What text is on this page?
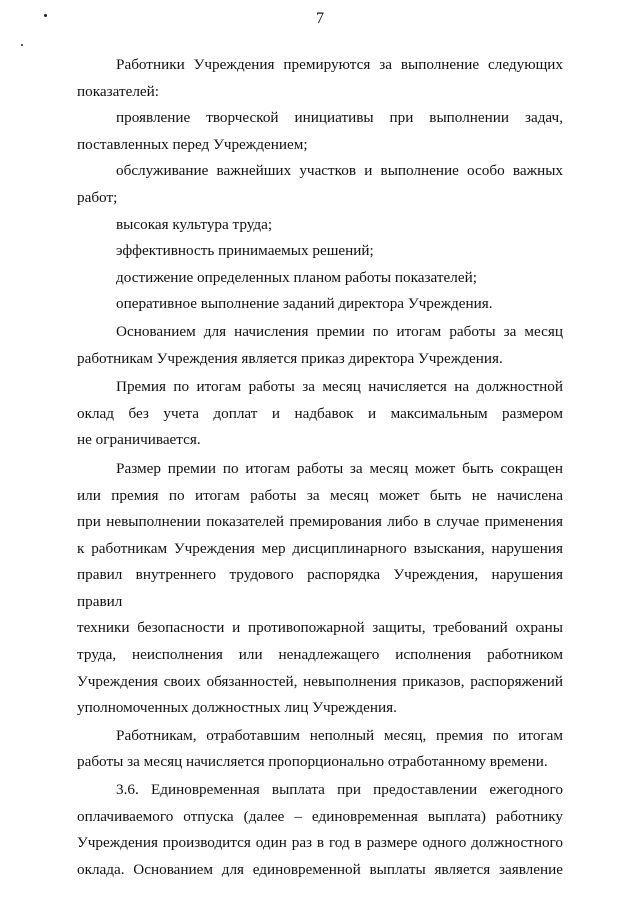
7

Работники Учреждения премируются за выполнение следующих

показателей:

проявление творческой инициативы при выполнении задач,

поставленных перед Учреждением;

обслуживание важнейших участков и выполнение особо важных

работ;

высокая культура труда;

эффективность принимаемых решений;

достижение определенных планом работы показателей;

оперативное выполнение заданий директора Учреждения.

Основанием для начисления премии по итогам работы за месяц

работникам Учреждения является приказ директора Учреждения.

Премия по итогам работы за месяц начисляется на должностной

оклад без учета доплат и надбавок и максимальным размером

не ограничивается.

Размер премии по итогам работы за месяц может быть сокращен

или премия по итогам работы за месяц может быть не начислена

при невыполнении показателей премирования либо в случае применения

к работникам Учреждения мер дисциплинарного взыскания, нарушения

правил внутреннего трудового распорядка Учреждения, нарушения правил

техники безопасности и противопожарной защиты, требований охраны

труда, неисполнения или ненадлежащего исполнения работником

Учреждения своих обязанностей, невыполнения приказов, распоряжений

уполномоченных должностных лиц Учреждения.

Работникам, отработавшим неполный месяц, премия по итогам

работы за месяц начисляется пропорционально отработанному времени.

3.6. Единовременная выплата при предоставлении ежегодного

оплачиваемого отпуска (далее – единовременная выплата) работнику

Учреждения производится один раз в год в размере одного должностного

оклада. Основанием для единовременной выплаты является заявление
